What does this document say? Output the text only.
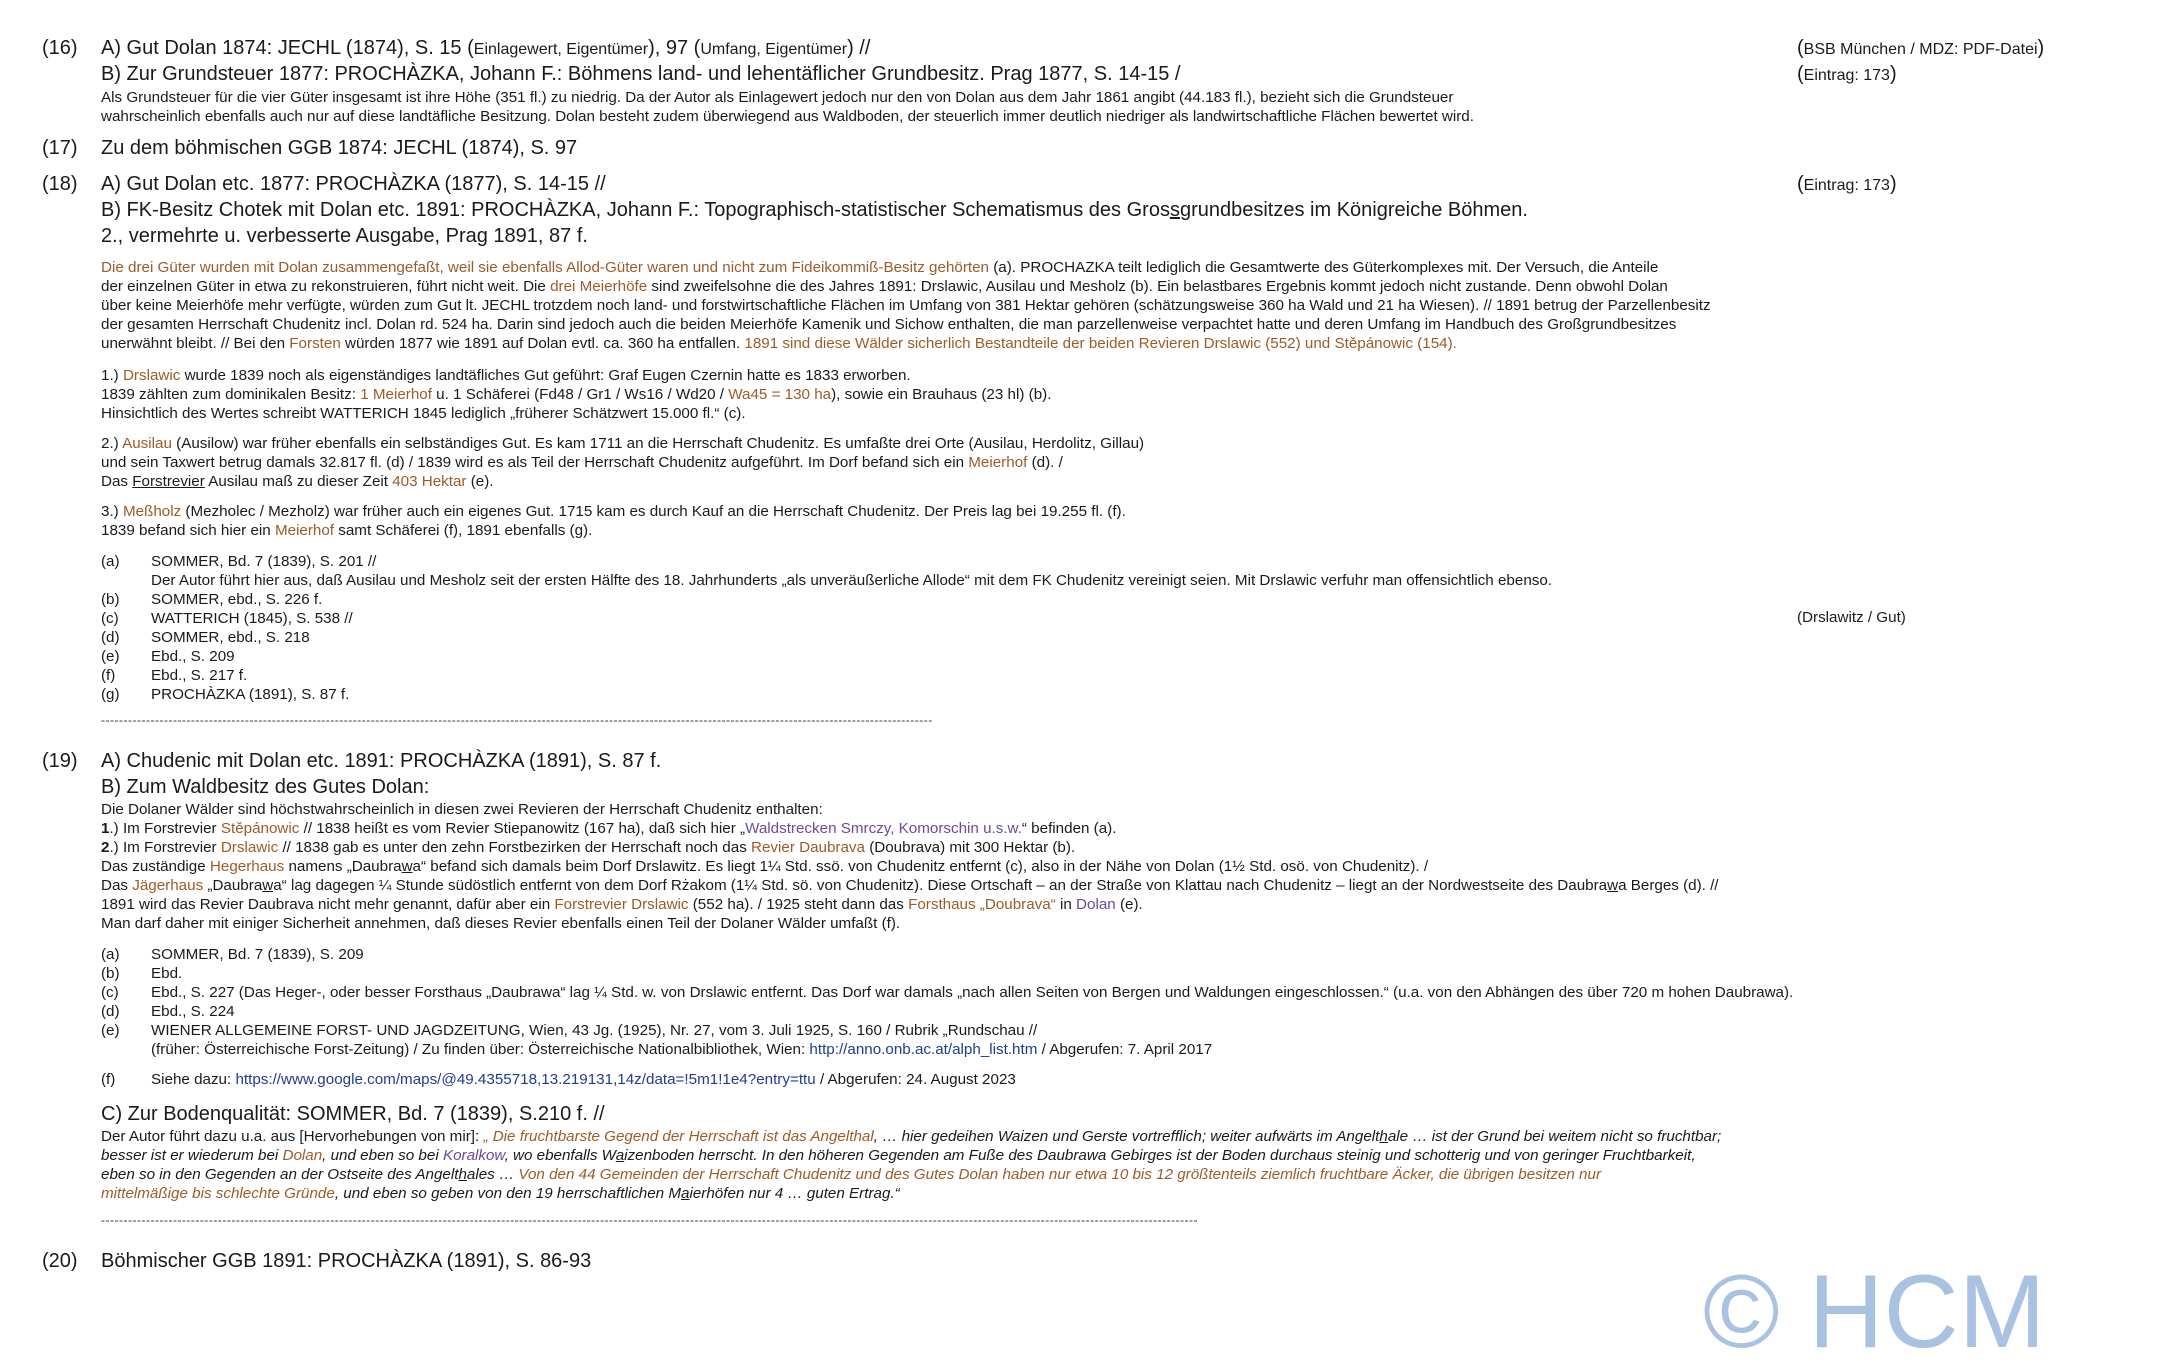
(16) A) Gut Dolan 1874: JECHL (1874), S. 15 (Einlagewert, Eigentümer), 97 (Umfang, Eigentümer) //	(BSB München / MDZ: PDF-Datei)
B) Zur Grundsteuer 1877: PROCHÀZKA, Johann F.: Böhmens land- und lehentäflicher Grundbesitz. Prag 1877, S. 14-15 /	(Eintrag: 173)
Als Grundsteuer für die vier Güter insgesamt ist ihre Höhe (351 fl.) zu niedrig. Da der Autor als Einlagewert jedoch nur den von Dolan aus dem Jahr 1861 angibt (44.183 fl.), bezieht sich die Grundsteuer
wahrscheinlich ebenfalls auch nur auf diese landtäfliche Besitzung. Dolan besteht zudem überwiegend aus Waldboden, der steuerlich immer deutlich niedriger als landwirtschaftliche Flächen bewertet wird.
(17) Zu dem böhmischen GGB 1874: JECHL (1874), S. 97
(18) A) Gut Dolan etc. 1877: PROCHÀZKA (1877), S. 14-15 //	(Eintrag: 173)
B) FK-Besitz Chotek mit Dolan etc. 1891: PROCHÀZKA, Johann F.: Topographisch-statistischer Schematismus des Grossgrundbesitzes im Königreiche Böhmen.
2., vermehrte u. verbesserte Ausgabe, Prag 1891, 87 f.
Die drei Güter wurden mit Dolan zusammengefaßt, weil sie ebenfalls Allod-Güter waren und nicht zum Fideikommiß-Besitz gehörten (a). PROCHAZKA teilt lediglich die Gesamtwerte des Güterkomplexes mit. Der Versuch, die Anteile
der einzelnen Güter in etwa zu rekonstruieren, führt nicht weit. Die drei Meierhöfe sind zweifelsohne die des Jahres 1891: Drslawic, Ausilau und Mesholz (b). Ein belastbares Ergebnis kommt jedoch nicht zustande. Denn obwohl Dolan
über keine Meierhöfe mehr verfügte, würden zum Gut lt. JECHL trotzdem noch land- und forstwirtschaftliche Flächen im Umfang von 381 Hektar gehören (schätzungsweise 360 ha Wald und 21 ha Wiesen). // 1891 betrug der Parzellenbesitz
der gesamten Herrschaft Chudenitz incl. Dolan rd. 524 ha. Darin sind jedoch auch die beiden Meierhöfe Kamenik und Sichow enthalten, die man parzellenweise verpachtet hatte und deren Umfang im Handbuch des Großgrundbesitzes
unerwähnt bleibt. // Bei den Forsten würden 1877 wie 1891 auf Dolan evtl. ca. 360 ha entfallen. 1891 sind diese Wälder sicherlich Bestandteile der beiden Revieren Drslawic (552) und Stěpánowic (154).
1.) Drslawic wurde 1839 noch als eigenständiges landtäfliches Gut geführt: Graf Eugen Czernin hatte es 1833 erworben.
1839 zählten zum dominikalen Besitz: 1 Meierhof u. 1 Schäferei (Fd48 / Gr1 / Ws16 / Wd20 / Wa45 = 130 ha), sowie ein Brauhaus (23 hl) (b).
Hinsichtlich des Wertes schreibt WATTERICH 1845 lediglich „früherer Schätzwert 15.000 fl.“ (c).
2.) Ausilau (Ausilow) war früher ebenfalls ein selbständiges Gut. Es kam 1711 an die Herrschaft Chudenitz. Es umfaßte drei Orte (Ausilau, Herdolitz, Gillau)
und sein Taxwert betrug damals 32.817 fl. (d) / 1839 wird es als Teil der Herrschaft Chudenitz aufgeführt. Im Dorf befand sich ein Meierhof (d). /
Das Forstrevier Ausilau maß zu dieser Zeit 403 Hektar (e).
3.) Meßholz (Mezholec / Mezholz) war früher auch ein eigenes Gut. 1715 kam es durch Kauf an die Herrschaft Chudenitz. Der Preis lag bei 19.255 fl. (f).
1839 befand sich hier ein Meierhof samt Schäferei (f), 1891 ebenfalls (g).
(a) SOMMER, Bd. 7 (1839), S. 201 //
Der Autor führt hier aus, daß Ausilau und Mesholz seit der ersten Hälfte des 18. Jahrhunderts „als unveräußerliche Allode“ mit dem FK Chudenitz vereinigt seien. Mit Drslawic verfuhr man offensichtlich ebenso.
(b) SOMMER, ebd., S. 226 f.
(c) WATTERICH (1845), S. 538 //	(Drslawitz / Gut)
(d) SOMMER, ebd., S. 218
(e) Ebd., S. 209
(f) Ebd., S. 217 f.
(g) PROCHÀZKA (1891), S. 87 f.
-----------------------------------------------------------------------------------------------------------------------------------------------------------------------------------------
(19) A) Chudenic mit Dolan etc. 1891: PROCHÀZKA (1891), S. 87 f.
B) Zum Waldbesitz des Gutes Dolan:
Die Dolaner Wälder sind höchstwahrscheinlich in diesen zwei Revieren der Herrschaft Chudenitz enthalten:
1.) Im Forstrevier Stěpánowic // 1838 heißt es vom Revier Stiepanowitz (167 ha), daß sich hier „Waldstrecken Smrczy, Komorschin u.s.w.“ befinden (a).
2.) Im Forstrevier Drslawic // 1838 gab es unter den zehn Forstbezirken der Herrschaft noch das Revier Daubrava (Doubrava) mit 300 Hektar (b).
Das zuständige Hegerhaus namens „Daubrawa“ befand sich damals beim Dorf Drslawitz. Es liegt 1¼ Std. ssö. von Chudenitz entfernt (c), also in der Nähe von Dolan (1½ Std. osö. von Chudenitz). /
Das Jägerhaus „Daubrawa“ lag dagegen ¼ Stunde südöstlich entfernt von dem Dorf Rżakom (1¼ Std. sö. von Chudenitz). Diese Ortschaft – an der Straße von Klattau nach Chudenitz – liegt an der Nordwestseite des Daubrawa Berges (d). //
1891 wird das Revier Daubrava nicht mehr genannt, dafür aber ein Forstrevier Drslawic (552 ha). / 1925 steht dann das Forsthaus „Doubrava“ in Dolan (e).
Man darf daher mit einiger Sicherheit annehmen, daß dieses Revier ebenfalls einen Teil der Dolaner Wälder umfaßt (f).
(a) SOMMER, Bd. 7 (1839), S. 209
(b) Ebd.
(c) Ebd., S. 227 (Das Heger-, oder besser Forsthaus „Daubrawa“ lag ¼ Std. w. von Drslawic entfernt. Das Dorf war damals „nach allen Seiten von Bergen und Waldungen eingeschlossen.“ (u.a. von den Abhängen des über 720 m hohen Daubrawa).
(d) Ebd., S. 224
(e) WIENER ALLGEMEINE FORST- UND JAGDZEITUNG, Wien, 43 Jg. (1925), Nr. 27, vom 3. Juli 1925, S. 160 / Rubrik „Rundschau //
(früher: Österreichische Forst-Zeitung) / Zu finden über: Österreichische Nationalbibliothek, Wien: http://anno.onb.ac.at/alph_list.htm / Abgerufen: 7. April 2017
(f) Siehe dazu: https://www.google.com/maps/@49.4355718,13.219131,14z/data=!5m1!1e4?entry=ttu / Abgerufen: 24. August 2023
C) Zur Bodenqualität: SOMMER, Bd. 7 (1839), S.210 f. //
Der Autor führt dazu u.a. aus [Hervorhebungen von mir]: „ Die fruchtbarste Gegend der Herrschaft ist das Angelthal, … hier gedeihen Waizen und Gerste vortrefflich; weiter aufwärts im Angelthale … ist der Grund bei weitem nicht so fruchtbar;
besser ist er wiederum bei Dolan, und eben so bei Koralkow, wo ebenfalls Waizenboden herrscht. In den höheren Gegenden am Fuße des Daubrawa Gebirges ist der Boden durchaus steinig und schotterig und von geringer Fruchtbarkeit,
eben so in den Gegenden an der Ostseite des Angelthales … Von den 44 Gemeinden der Herrschaft Chudenitz und des Gutes Dolan haben nur etwa 10 bis 12 größtenteils ziemlich fruchtbare Äcker, die übrigen besitzen nur
mittelmäßige bis schlechte Gründe, und eben so geben von den 19 herrschaftlichen Maierhöfen nur 4 … guten Ertrag.“
----------------------------------------------------------------------------------------------------------------------------------------------------------------------------------------------------------------------------------------------------
(20) Böhmischer GGB 1891: PROCHÀZKA (1891), S. 86-93	© HCM
